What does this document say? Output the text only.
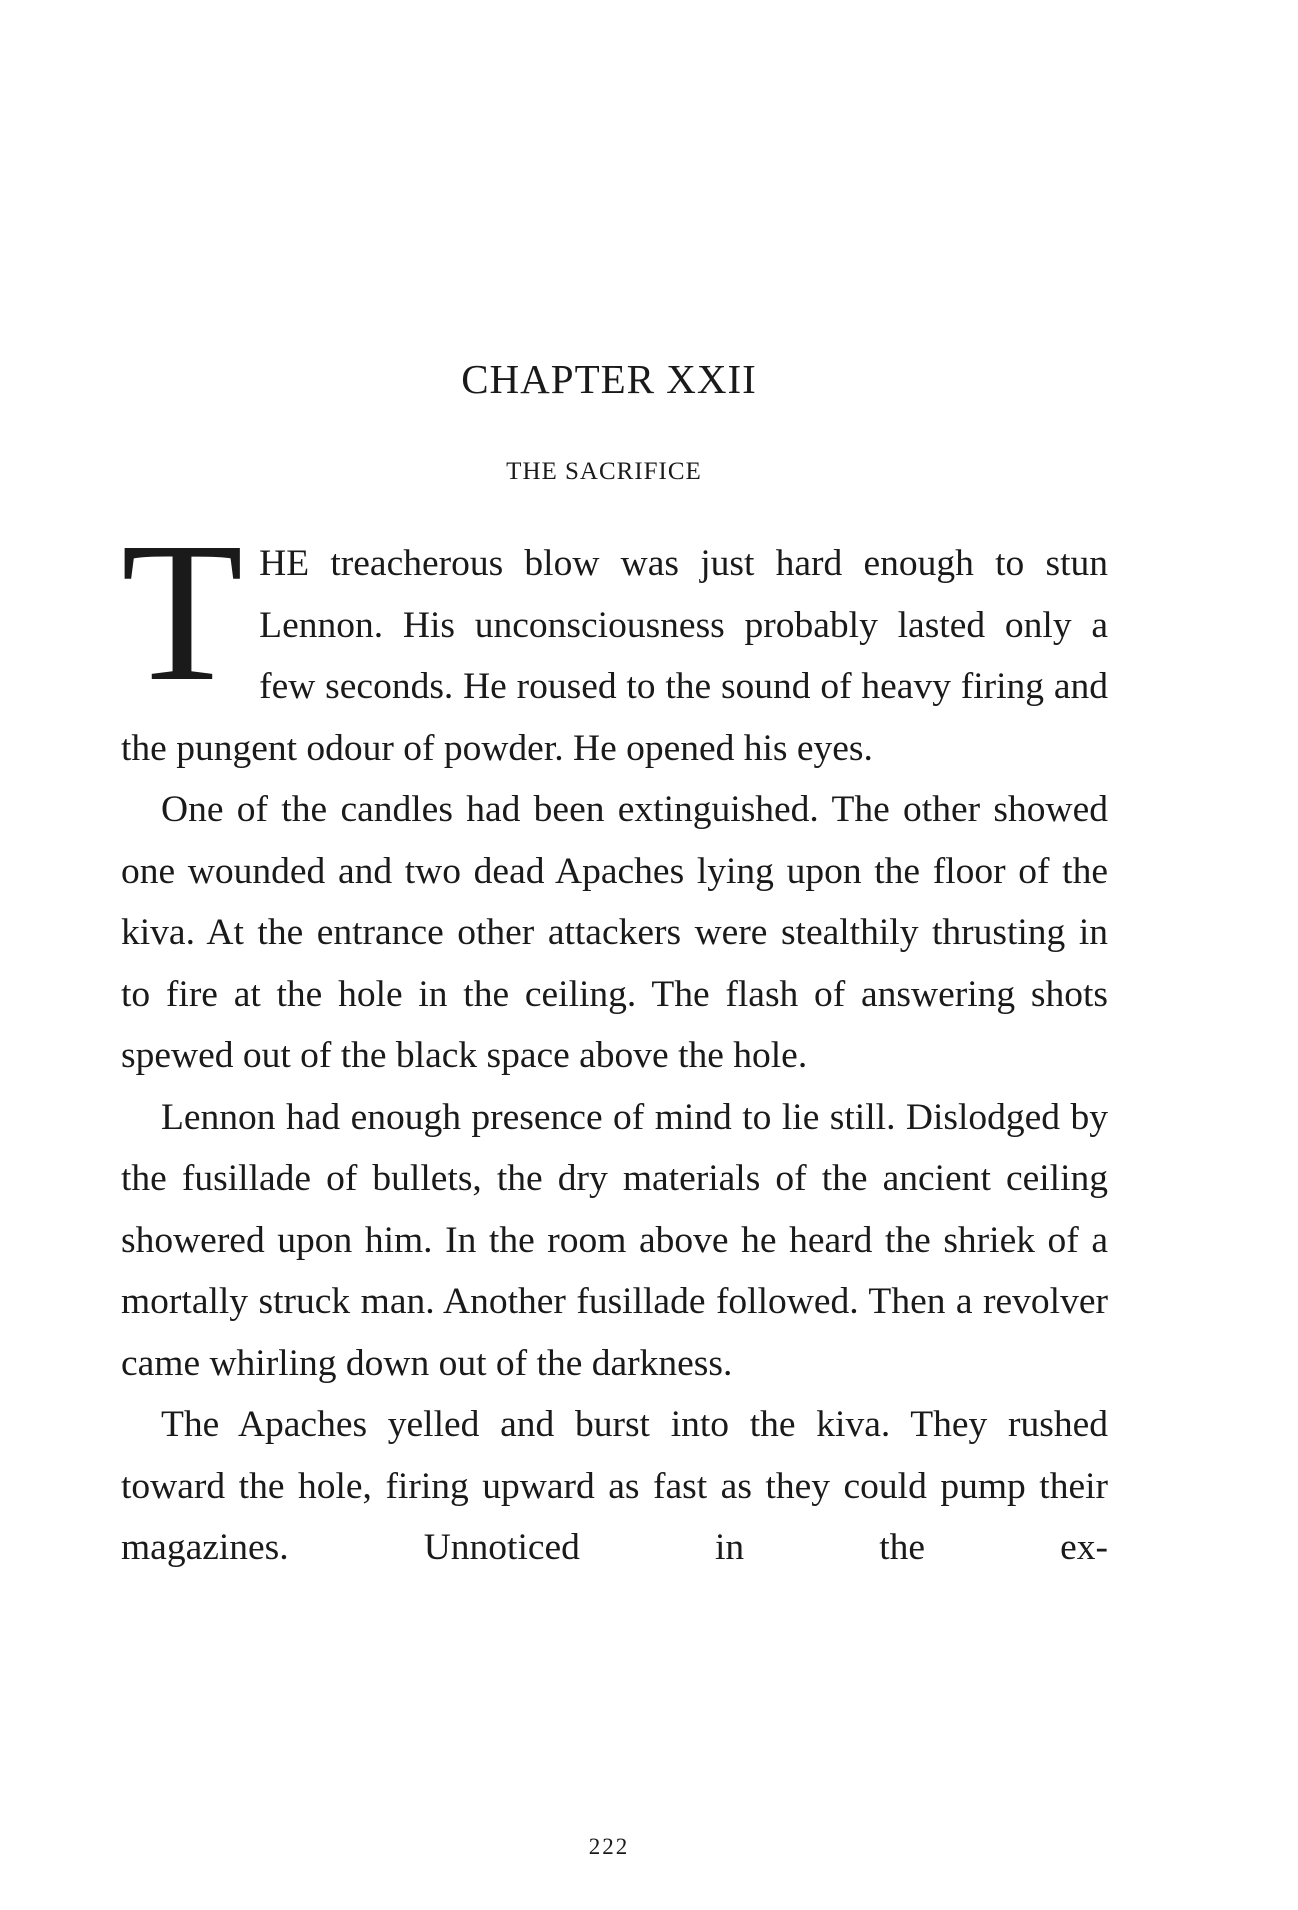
CHAPTER XXII
THE SACRIFICE

THE treacherous blow was just hard enough to stun Lennon. His unconsciousness probably lasted only a few seconds. He roused to the sound of heavy firing and the pungent odour of powder. He opened his eyes.

One of the candles had been extinguished. The other showed one wounded and two dead Apaches lying upon the floor of the kiva. At the entrance other attackers were stealthily thrusting in to fire at the hole in the ceiling. The flash of answering shots spewed out of the black space above the hole.

Lennon had enough presence of mind to lie still. Dislodged by the fusillade of bullets, the dry materials of the ancient ceiling showered upon him. In the room above he heard the shriek of a mortally struck man. Another fusillade followed. Then a revolver came whirling down out of the darkness.

The Apaches yelled and burst into the kiva. They rushed toward the hole, firing upward as fast as they could pump their magazines. Unnoticed in the ex-

222
